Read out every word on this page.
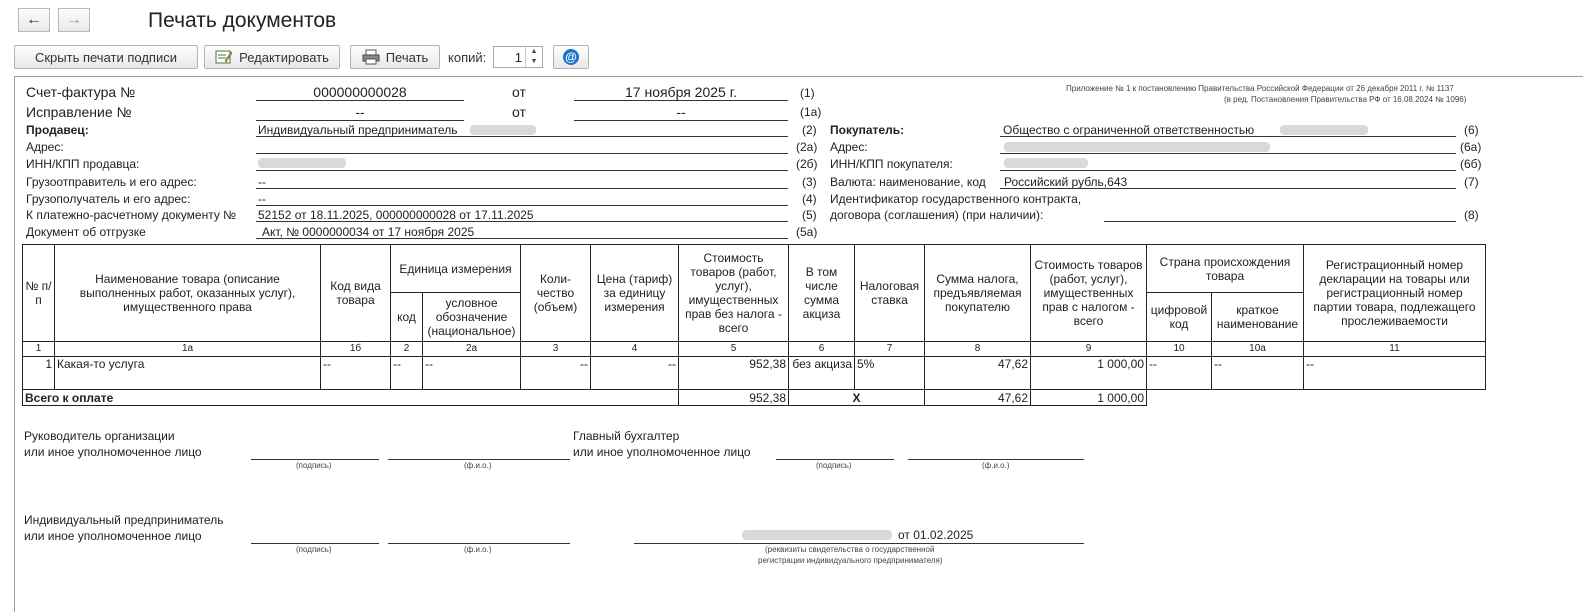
← →	Печать документов
Скрыть печати подписи	Редактировать	Печать копий: 1	▲
▼	@
Счет-фактура №	000000000028	от	17 ноября 2025 г.
Исправление №	--	от	--
Приложение № 1 к постановлению Правительства Российской Федерации от 26 декабря 2011 г. № 1137
(в ред. Постановления Правительства РФ от 16.08.2024 № 1096)
Продавец:	Индивидуальный предприниматель
Адрес:
ИНН/КПП продавца:
Грузоотправитель и его адрес:	--
Грузополучатель и его адрес:	--
К платежно-расчетному документу № 52152 от 18.11.2025, 000000000028 от 17.11.2025
Документ об отгрузке	Акт, № 0000000034 от 17 ноября 2025
(1)
(1а)
(2)
(2а)
(2б)
(3)
(4)
(5)
(5а)
Покупатель:	Общество с ограниченной ответственностью
Адрес:
ИНН/КПП покупателя:
Валюта: наименование, код Российский рубль,643
Идентификатор государственного контракта,
договора (соглашения) (при наличии):
(6)
(6а)
(6б)
(7)
(8)
№ п/п	Наименование товара (описание выполненных работ, оказанных услуг), имущественного права	Код вида товара	Единица измерения		Коли-чество (объем)	Цена (тариф) за единицу измерения	Стоимость товаров (работ, услуг), имущественных прав без налога - всего	В том числе сумма акциза	Налоговая ставка	Сумма налога, предъявляемая покупателю	Стоимость товаров (работ, услуг), имущественных прав с налогом - всего	Страна происхождения товара		Регистрационный номер декларации на товары или регистрационный номер партии товара, подлежащего прослеживаемости
			код	условное обозначение (национальное)								цифровой код	краткое наименование	
1	1а	1б	2	2а	3	4	5	6	7	8	9	10	10а	11
1	Какая-то услуга	--	--	--	--	--	952,38	без акциза	5%	47,62	1 000,00	--	--	--
Всего к оплате							952,38	X		47,62	1 000,00			
Руководитель организации
или иное уполномоченное лицо
(подпись)	(ф.и.о.)
Главный бухгалтер
или иное уполномоченное лицо
(подпись)	(ф.и.о.)
Индивидуальный предприниматель
или иное уполномоченное лицо
(подпись)	(ф.и.о.)
от 01.02.2025
(реквизиты свидетельства о государственной
регистрации индивидуального предпринимателя)
